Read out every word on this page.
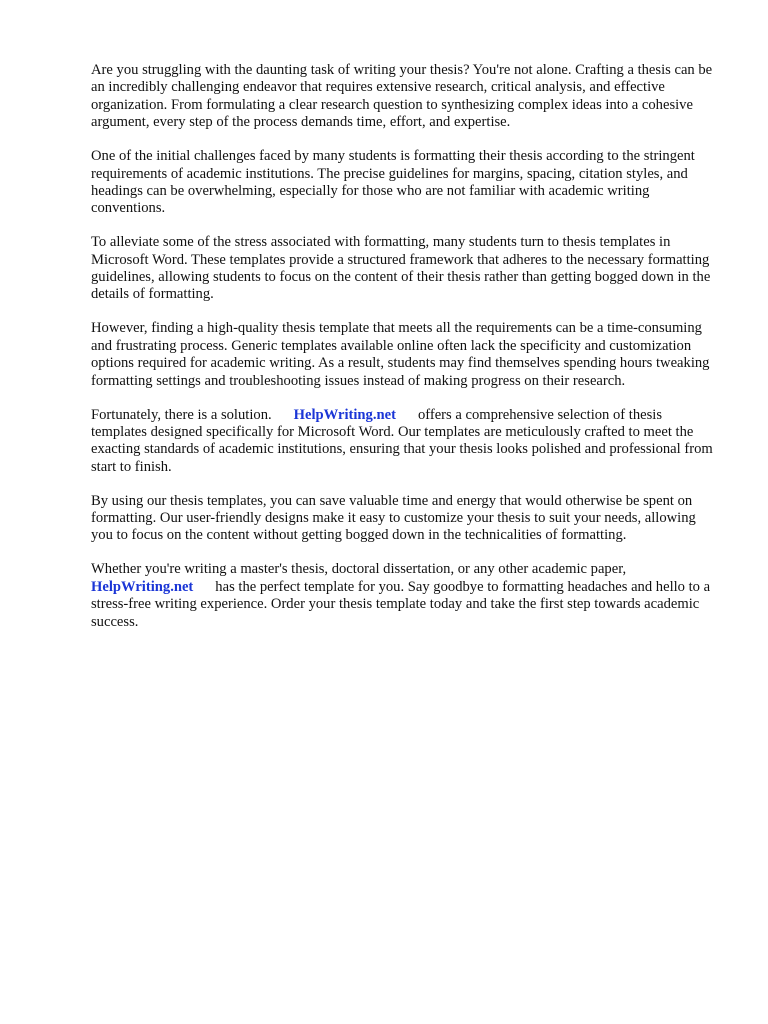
Are you struggling with the daunting task of writing your thesis? You're not alone. Crafting a thesis can be an incredibly challenging endeavor that requires extensive research, critical analysis, and effective organization. From formulating a clear research question to synthesizing complex ideas into a cohesive argument, every step of the process demands time, effort, and expertise.

One of the initial challenges faced by many students is formatting their thesis according to the stringent requirements of academic institutions. The precise guidelines for margins, spacing, citation styles, and headings can be overwhelming, especially for those who are not familiar with academic writing conventions.

To alleviate some of the stress associated with formatting, many students turn to thesis templates in Microsoft Word. These templates provide a structured framework that adheres to the necessary formatting guidelines, allowing students to focus on the content of their thesis rather than getting bogged down in the details of formatting.

However, finding a high-quality thesis template that meets all the requirements can be a time-consuming and frustrating process. Generic templates available online often lack the specificity and customization options required for academic writing. As a result, students may find themselves spending hours tweaking formatting settings and troubleshooting issues instead of making progress on their research.

Fortunately, there is a solution. HelpWriting.net offers a comprehensive selection of thesis templates designed specifically for Microsoft Word. Our templates are meticulously crafted to meet the exacting standards of academic institutions, ensuring that your thesis looks polished and professional from start to finish.

By using our thesis templates, you can save valuable time and energy that would otherwise be spent on formatting. Our user-friendly designs make it easy to customize your thesis to suit your needs, allowing you to focus on the content without getting bogged down in the technicalities of formatting.

Whether you're writing a master's thesis, doctoral dissertation, or any other academic paper, HelpWriting.net has the perfect template for you. Say goodbye to formatting headaches and hello to a stress-free writing experience. Order your thesis template today and take the first step towards academic success.
